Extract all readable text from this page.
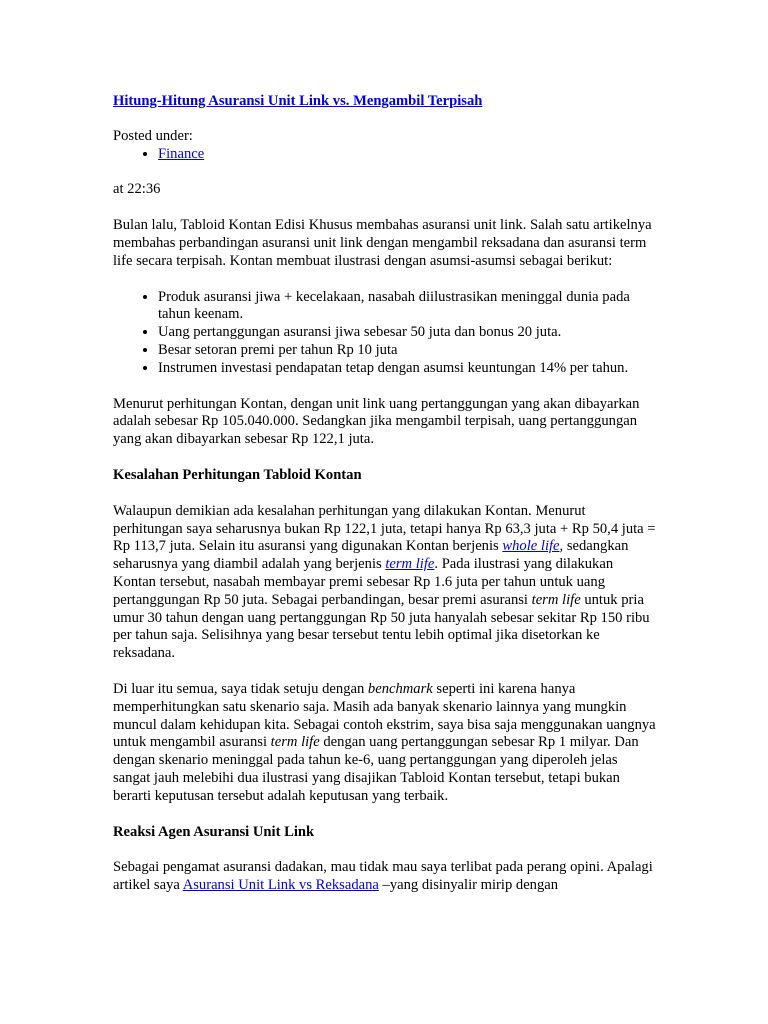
Hitung-Hitung Asuransi Unit Link vs. Mengambil Terpisah
Posted under:
• Finance

at 22:36

Bulan lalu, Tabloid Kontan Edisi Khusus membahas asuransi unit link. Salah satu artikelnya membahas perbandingan asuransi unit link dengan mengambil reksadana dan asuransi term life secara terpisah. Kontan membuat ilustrasi dengan asumsi-asumsi sebagai berikut:

• Produk asuransi jiwa + kecelakaan, nasabah diilustrasikan meninggal dunia pada tahun keenam.
• Uang pertanggungan asuransi jiwa sebesar 50 juta dan bonus 20 juta.
• Besar setoran premi per tahun Rp 10 juta
• Instrumen investasi pendapatan tetap dengan asumsi keuntungan 14% per tahun.

Menurut perhitungan Kontan, dengan unit link uang pertanggungan yang akan dibayarkan adalah sebesar Rp 105.040.000. Sedangkan jika mengambil terpisah, uang pertanggungan yang akan dibayarkan sebesar Rp 122,1 juta.

Kesalahan Perhitungan Tabloid Kontan

Walaupun demikian ada kesalahan perhitungan yang dilakukan Kontan. Menurut perhitungan saya seharusnya bukan Rp 122,1 juta, tetapi hanya Rp 63,3 juta + Rp 50,4 juta = Rp 113,7 juta. Selain itu asuransi yang digunakan Kontan berjenis whole life, sedangkan seharusnya yang diambil adalah yang berjenis term life. Pada ilustrasi yang dilakukan Kontan tersebut, nasabah membayar premi sebesar Rp 1.6 juta per tahun untuk uang pertanggungan Rp 50 juta. Sebagai perbandingan, besar premi asuransi term life untuk pria umur 30 tahun dengan uang pertanggungan Rp 50 juta hanyalah sebesar sekitar Rp 150 ribu per tahun saja. Selisihnya yang besar tersebut tentu lebih optimal jika disetorkan ke reksadana.

Di luar itu semua, saya tidak setuju dengan benchmark seperti ini karena hanya memperhitungkan satu skenario saja. Masih ada banyak skenario lainnya yang mungkin muncul dalam kehidupan kita. Sebagai contoh ekstrim, saya bisa saja menggunakan uangnya untuk mengambil asuransi term life dengan uang pertanggungan sebesar Rp 1 milyar. Dan dengan skenario meninggal pada tahun ke-6, uang pertanggungan yang diperoleh jelas sangat jauh melebihi dua ilustrasi yang disajikan Tabloid Kontan tersebut, tetapi bukan berarti keputusan tersebut adalah keputusan yang terbaik.

Reaksi Agen Asuransi Unit Link

Sebagai pengamat asuransi dadakan, mau tidak mau saya terlibat pada perang opini. Apalagi artikel saya Asuransi Unit Link vs Reksadana –yang disinyalir mirip dengan
